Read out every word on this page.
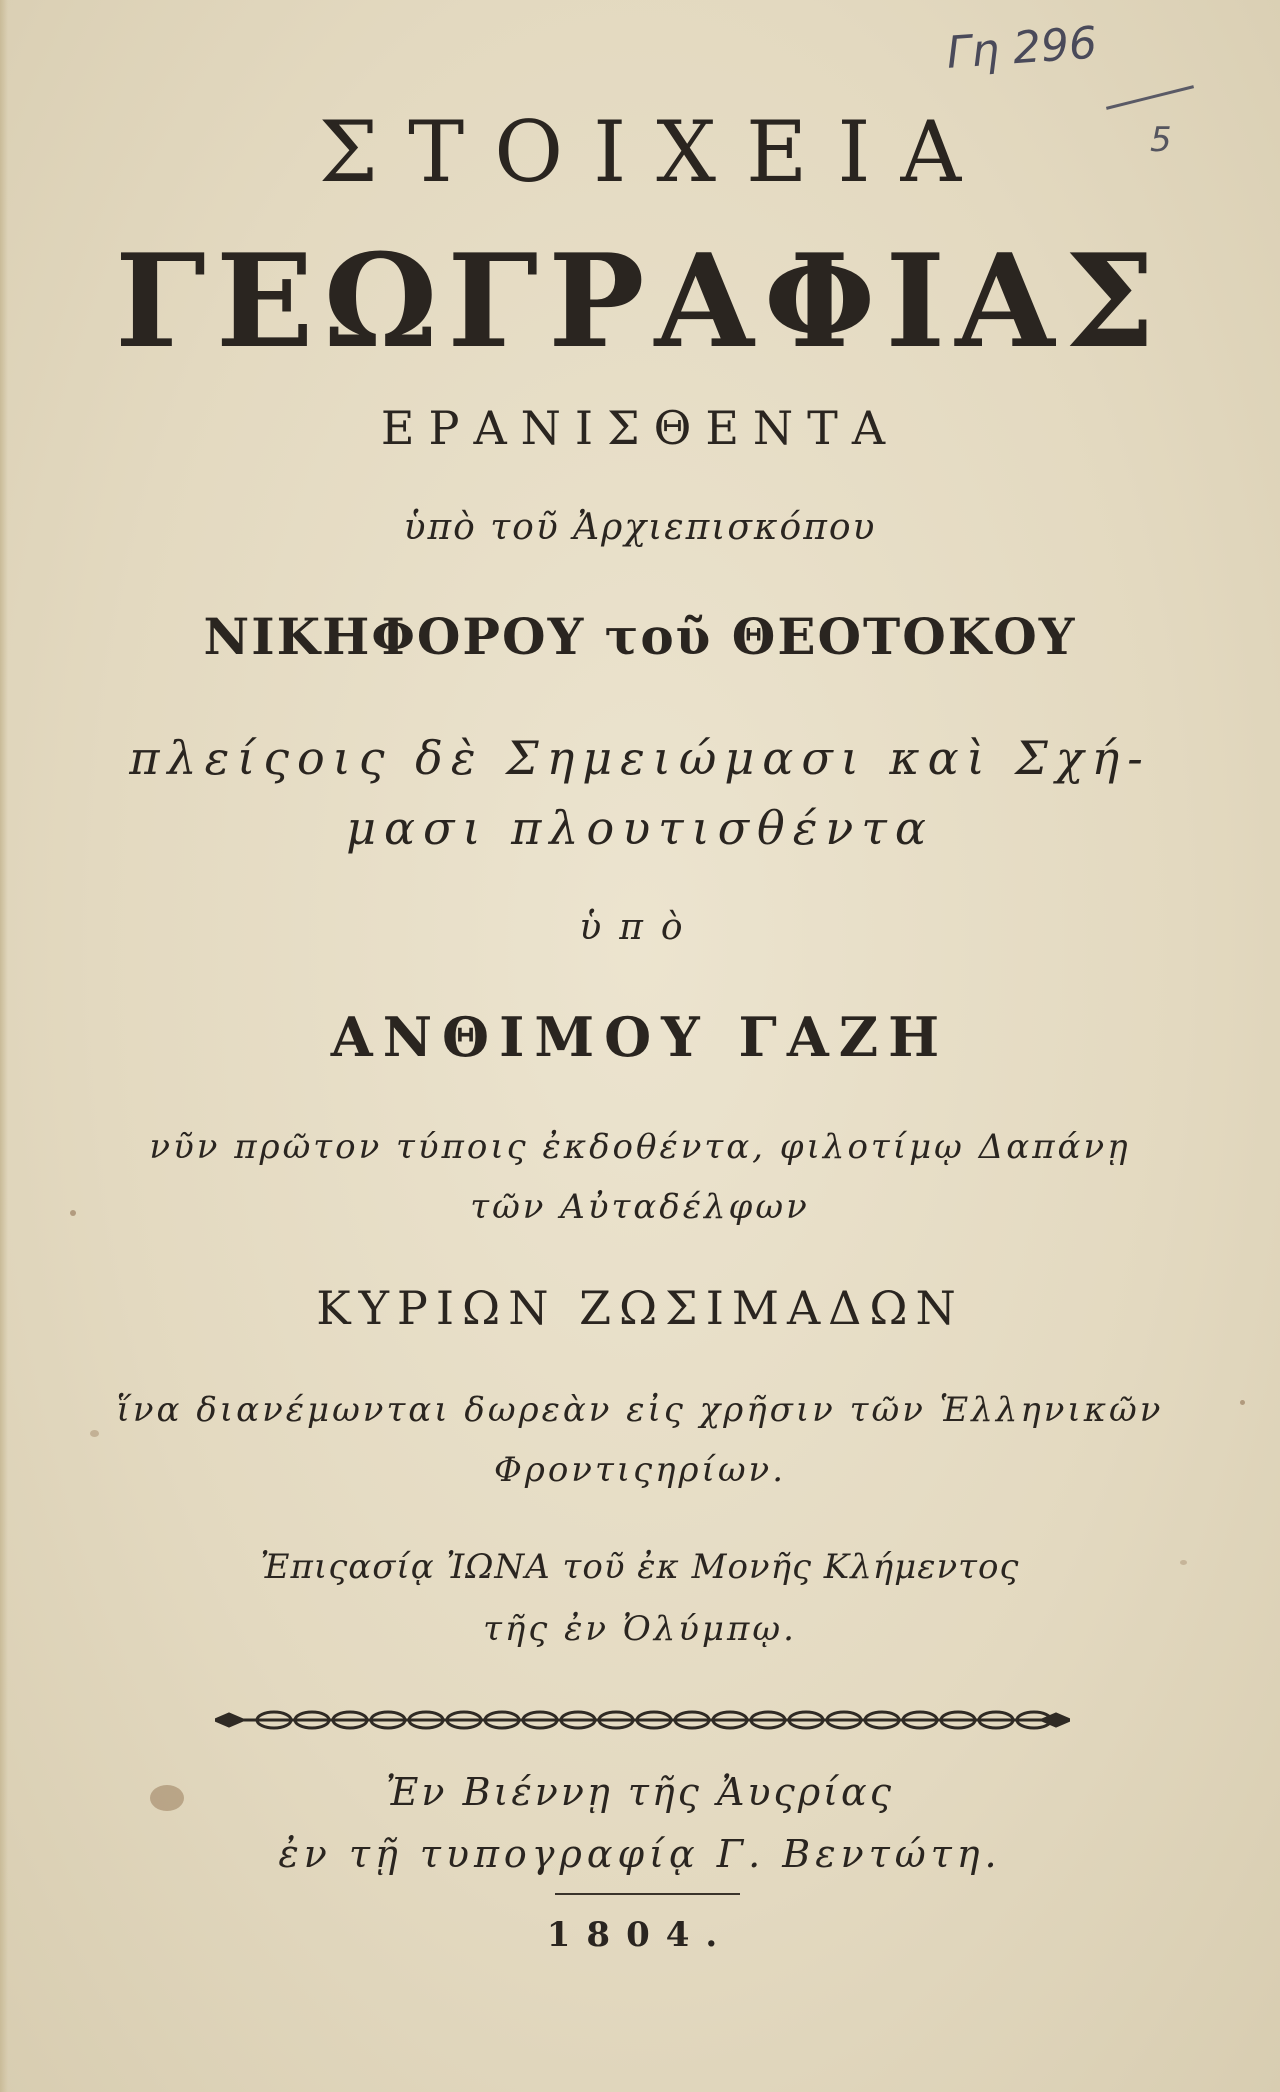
Γη 296
5
ΣΤΟΙΧΕΙΑ
ΓΕΩΓΡΑΦΙΑΣ
ΕΡΑΝΙΣΘΕΝΤΑ
ὑπὸ τοῦ Ἀρχιεπισκόπου
ΝΙΚΗΦΟΡΟΥ τοῦ ΘΕΟΤΟΚΟΥ
πλείςοις δὲ Σημειώμασι καὶ Σχή-
μασι πλουτισθέντα
ὑπὸ
ΑΝΘΙΜΟΥ ΓΑΖΗ
νῦν πρῶτον τύποις ἐκδοθέντα, φιλοτίμῳ Δαπάνῃ
τῶν Αὐταδέλφων
ΚΥΡΙΩΝ ΖΩΣΙΜΑΔΩΝ
ἵνα διανέμωνται δωρεὰν εἰς χρῆσιν τῶν Ἑλληνικῶν
Φροντιςηρίων.
Ἐπιςασίᾳ ἸΩΝΑ τοῦ ἐκ Μονῆς Κλήμεντος
τῆς ἐν Ὀλύμπῳ.
Ἐν Βιέννῃ τῆς Ἀυςρίας
ἐν τῇ τυπογραφίᾳ Γ. Βεντώτη.
1804.
